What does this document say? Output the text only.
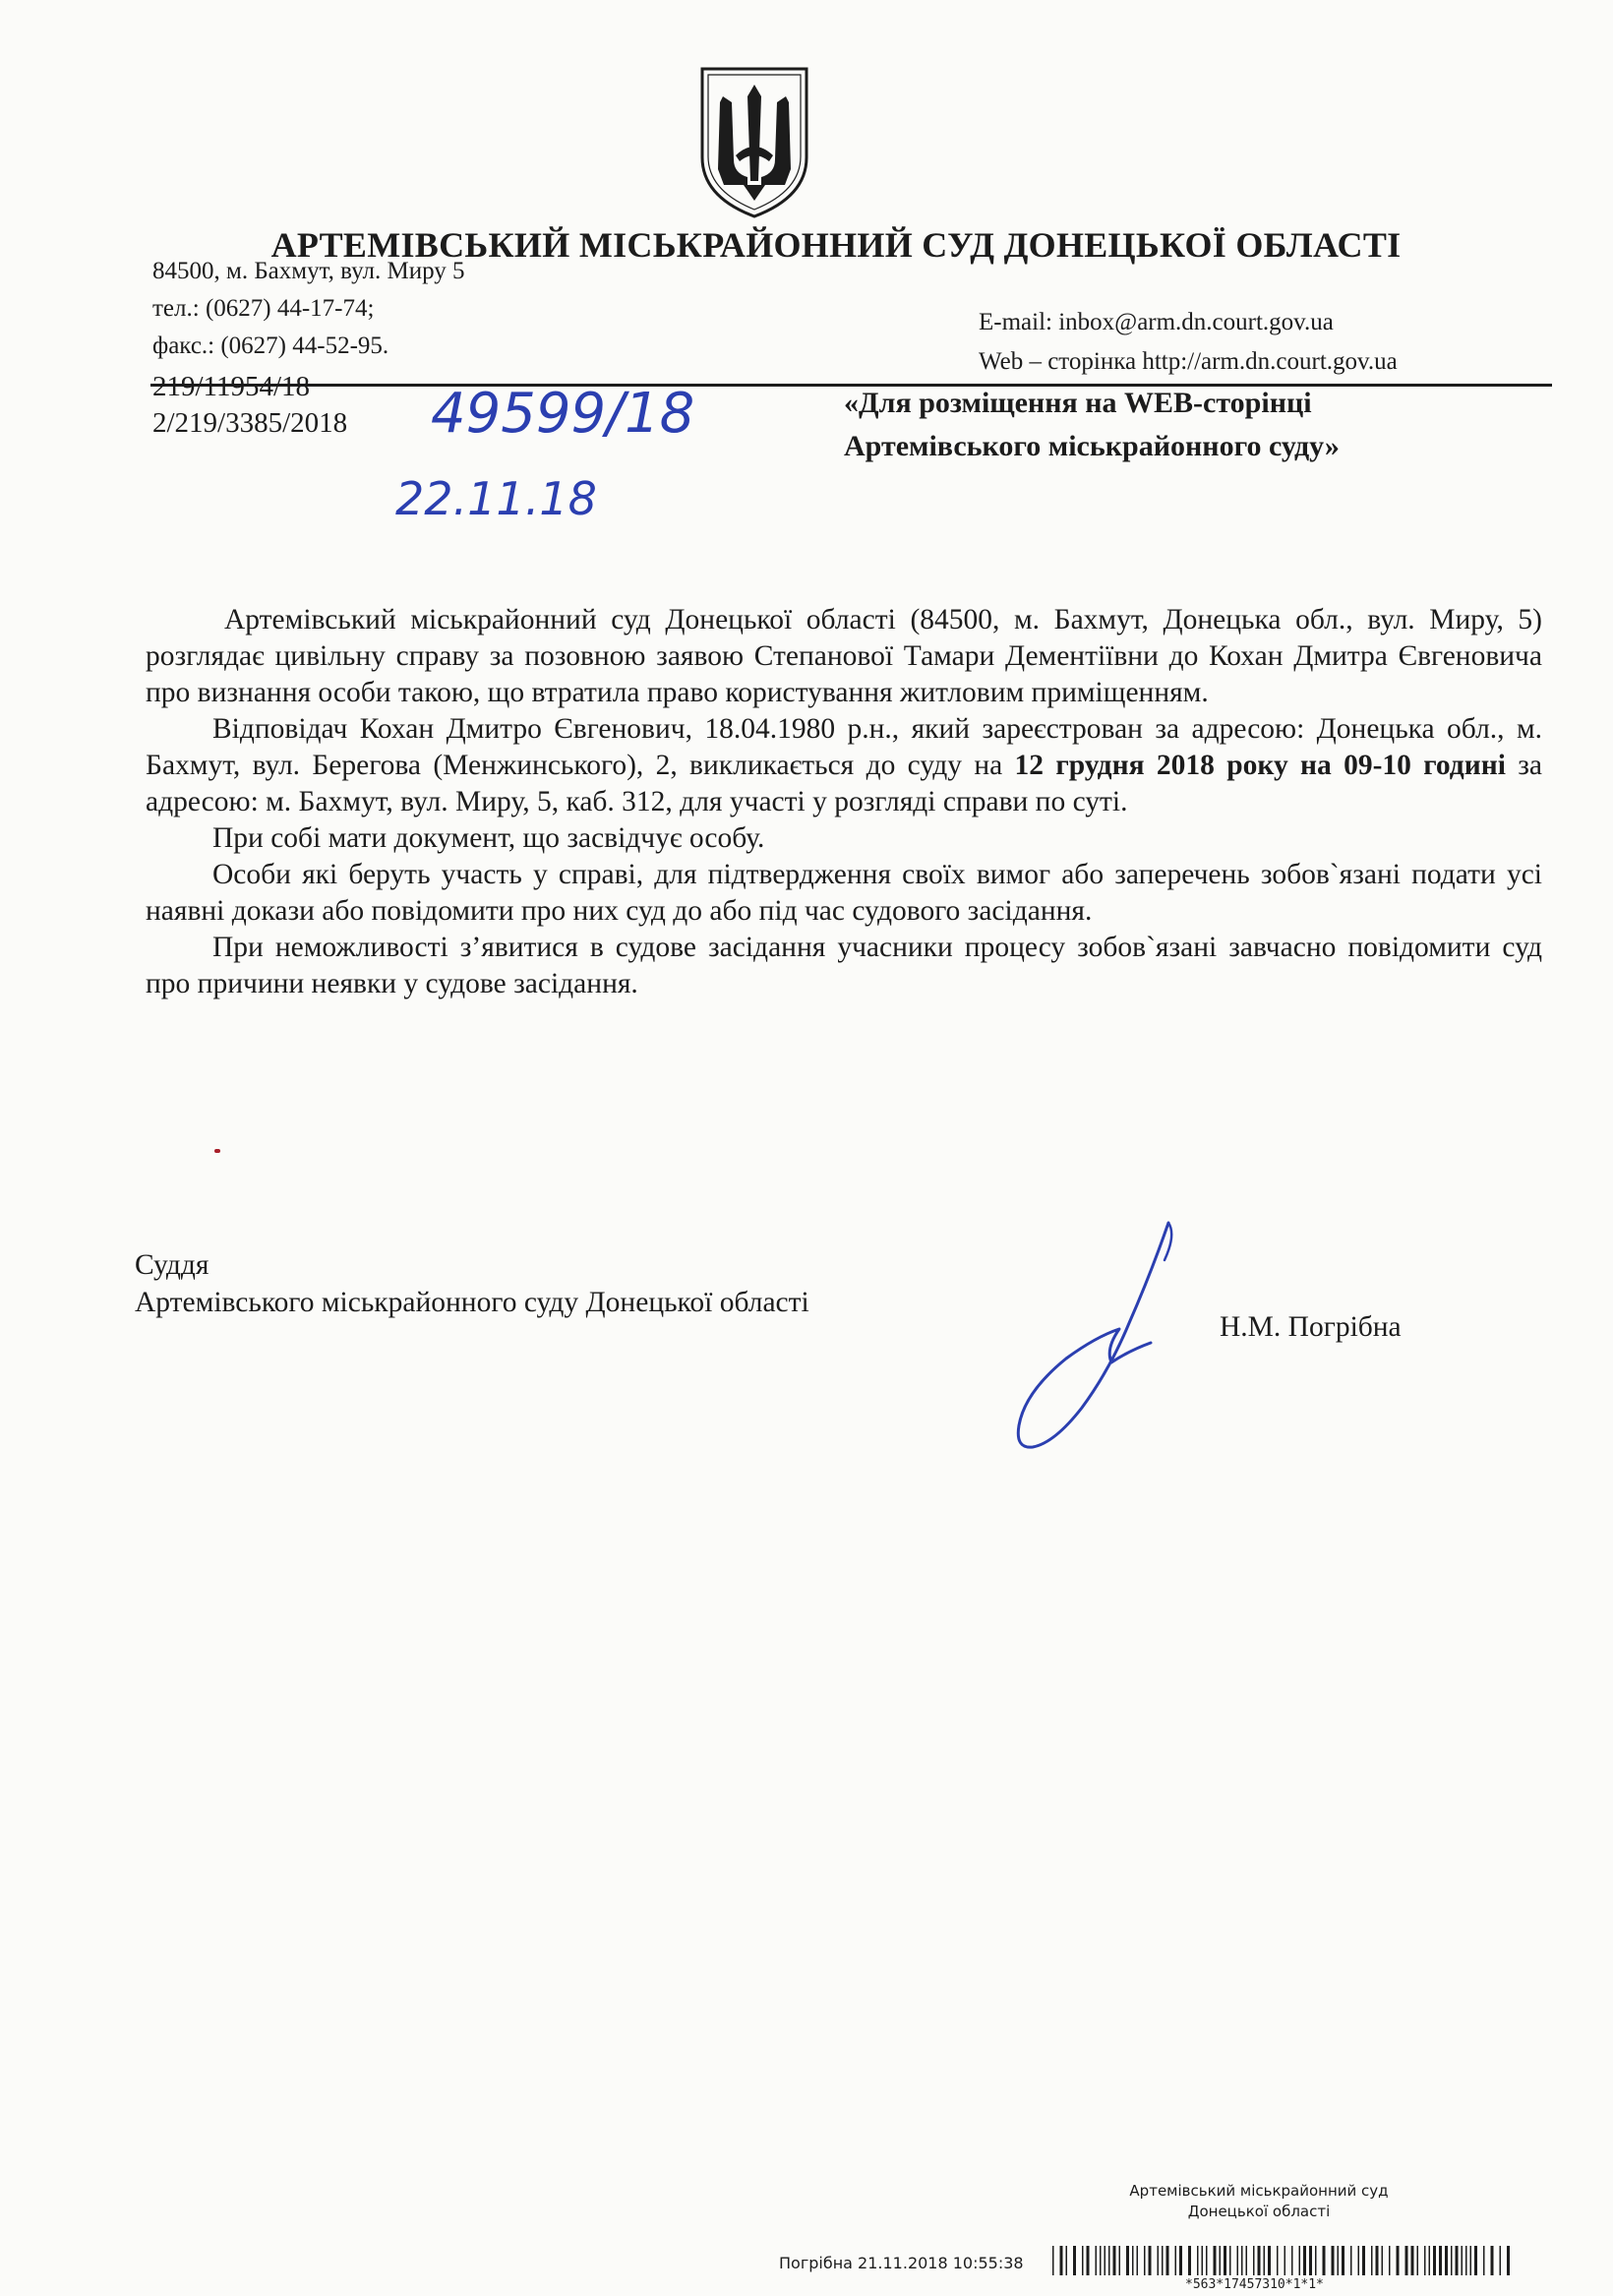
АРТЕМІВСЬКИЙ МІСЬКРАЙОННИЙ СУД ДОНЕЦЬКОЇ ОБЛАСТІ
84500, м. Бахмут, вул. Миру 5
тел.: (0627) 44-17-74;
факс.: (0627) 44-52-95.
E-mail: inbox@arm.dn.court.gov.ua
Web – сторінка http://arm.dn.court.gov.ua
219/11954/18
2/219/3385/2018 49599/18
22.11.18
«Для розміщення на WEB-сторінці
Артемівського міськрайонного суду»

Артемівський міськрайонний суд Донецької області (84500, м. Бахмут, Донецька обл., вул. Миру, 5) розглядає цивільну справу за позовною заявою Степанової Тамари Дементіївни до Кохан Дмитра Євгеновича про визнання особи такою, що втратила право користування житловим приміщенням.

Відповідач Кохан Дмитро Євгенович, 18.04.1980 р.н., який зареєстрован за адресою: Донецька обл., м. Бахмут, вул. Берегова (Менжинського), 2, викликається до суду на 12 грудня 2018 року на 09-10 годині за адресою: м. Бахмут, вул. Миру, 5, каб. 312, для участі у розгляді справи по суті.

При собі мати документ, що засвідчує особу.

Особи які беруть участь у справі, для підтвердження своїх вимог або заперечень зобов`язані подати усі наявні докази або повідомити про них суд до або під час судового засідання.

При неможливості з’явитися в судове засідання учасники процесу зобов`язані завчасно повідомити суд про причини неявки у судове засідання.

Суддя
Артемівського міськрайонного суду Донецької області
Н.М. Погрібна
Артемівський міськрайонний суд
Донецької області
Погрібна 21.11.2018 10:55:38
*563*17457310*1*1*
